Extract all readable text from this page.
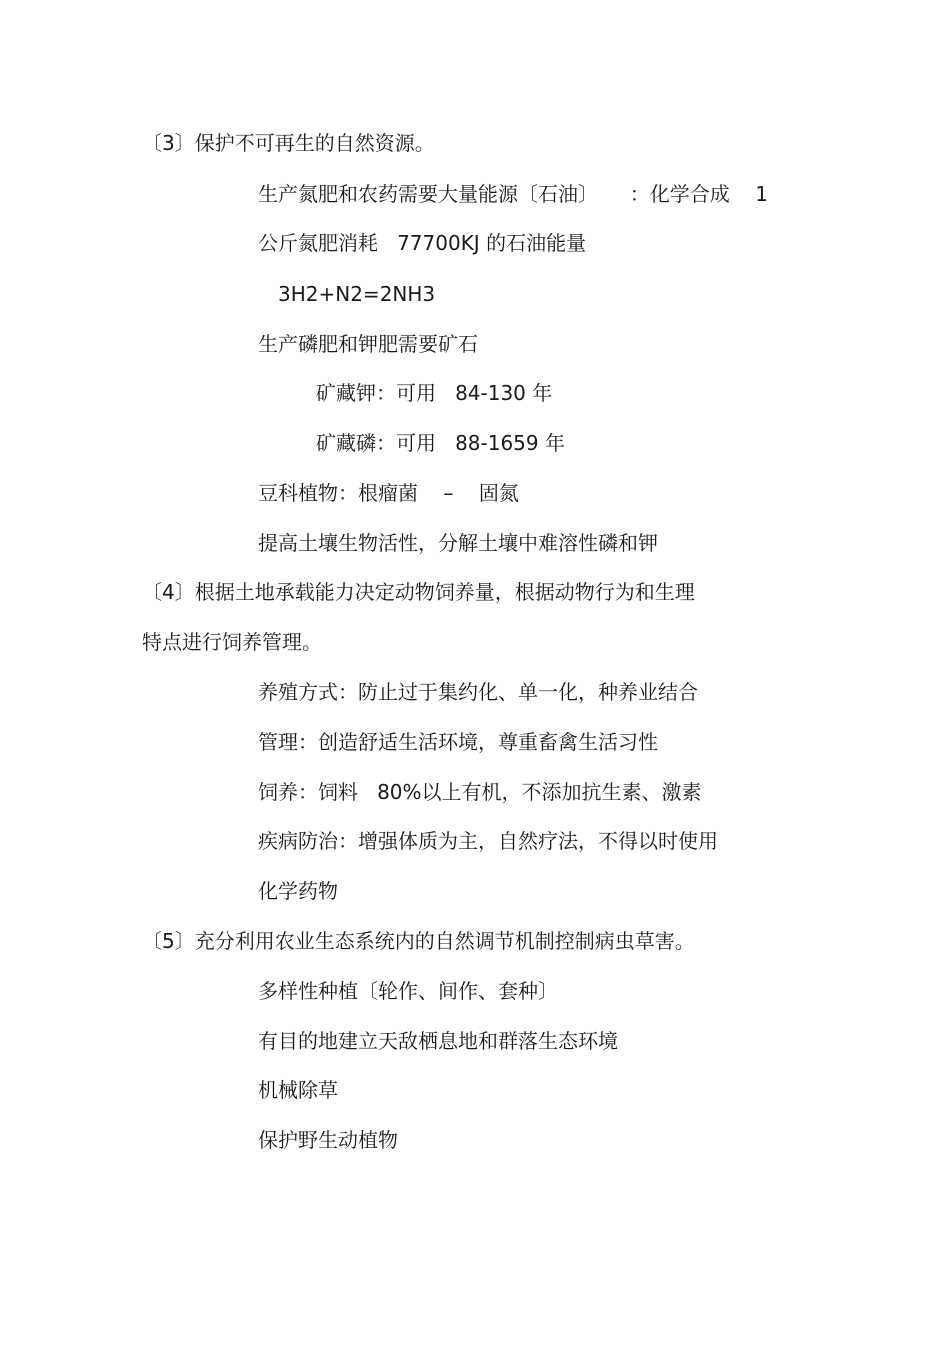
〔3〕保护不可再生的自然资源。

生产氮肥和农药需要大量能源〔石油〕     ：化学合成    1

公斤氮肥消耗   77700KJ 的石油能量

3H2+N2=2NH3

生产磷肥和钾肥需要矿石

矿藏钾：可用   84-130 年

矿藏磷：可用   88-1659 年

豆科植物：根瘤菌    –    固氮

提高土壤生物活性，分解土壤中难溶性磷和钾

〔4〕根据土地承载能力决定动物饲养量，根据动物行为和生理

特点进行饲养管理。

养殖方式：防止过于集约化、单一化，种养业结合

管理：创造舒适生活环境，尊重畜禽生活习性

饲养：饲料   80%以上有机，不添加抗生素、激素

疾病防治：增强体质为主，自然疗法，不得以时使用

化学药物

〔5〕充分利用农业生态系统内的自然调节机制控制病虫草害。

多样性种植〔轮作、间作、套种〕

有目的地建立天敌栖息地和群落生态环境

机械除草

保护野生动植物
